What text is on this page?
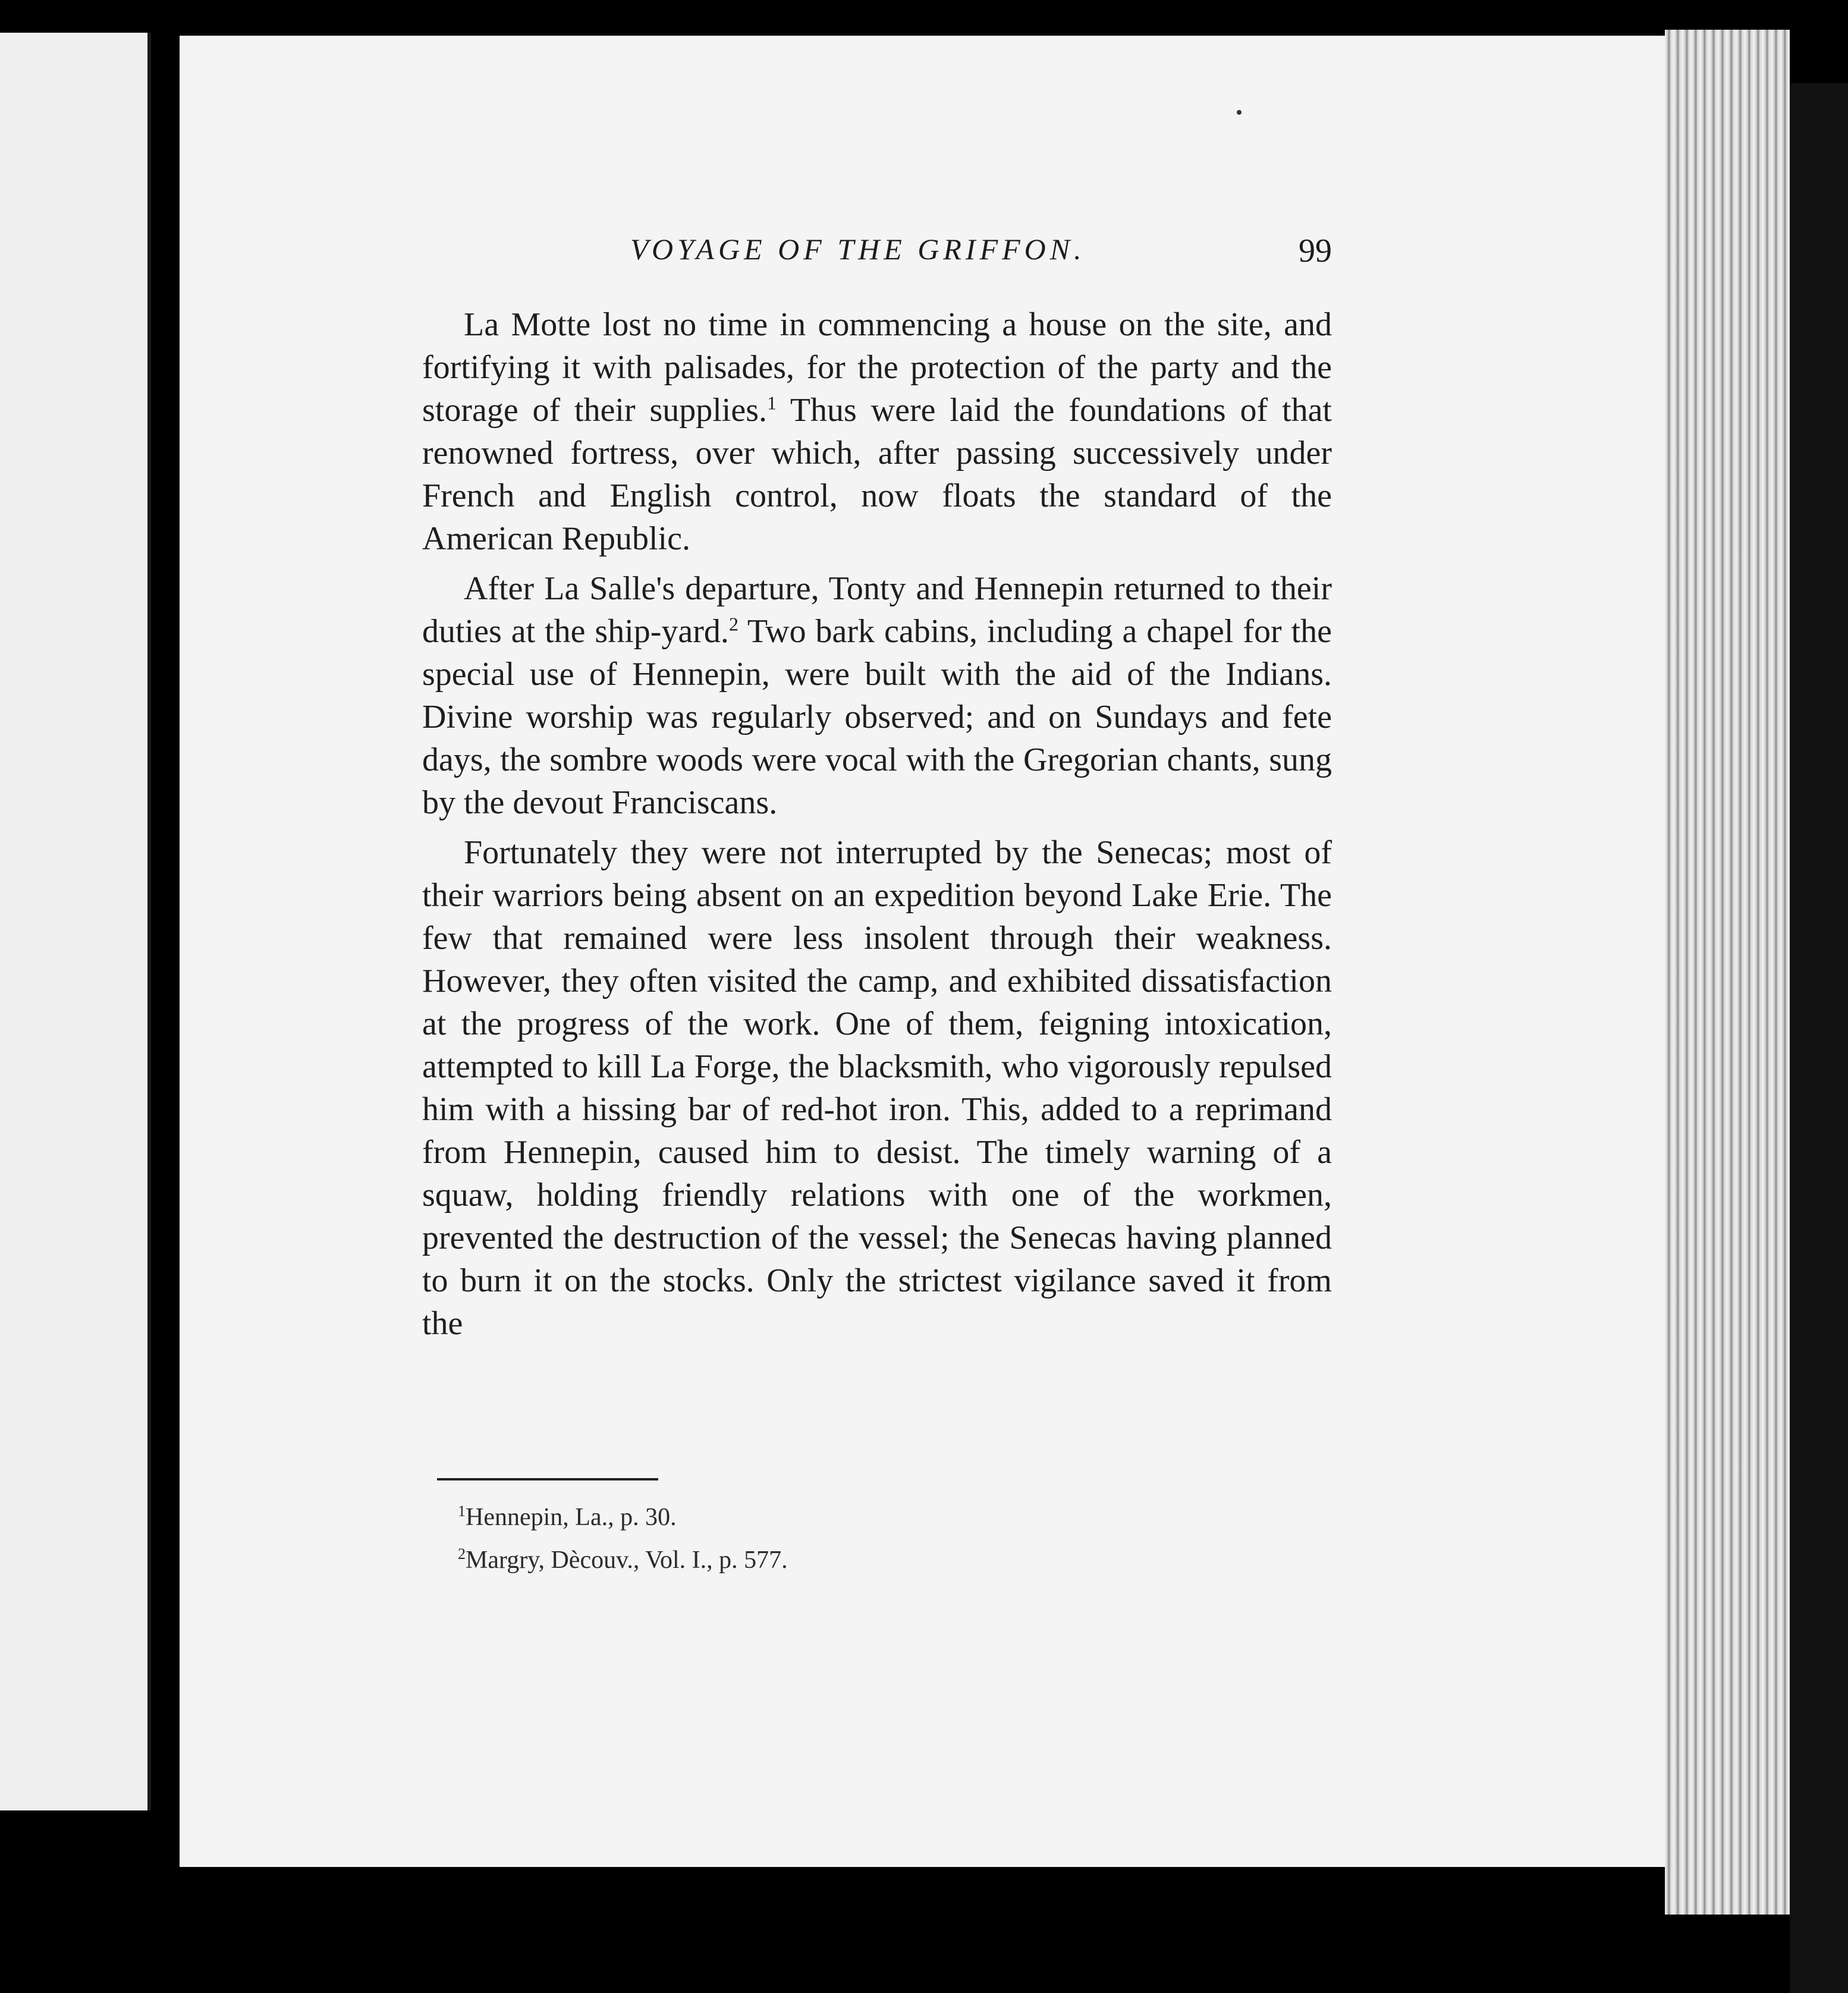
VOYAGE OF THE GRIFFON.	99

La Motte lost no time in commencing a house on the site, and fortifying it with palisades, for the protection of the party and the storage of their supplies.$^1$ Thus were laid the foundations of that renowned fortress, over which, after passing successively under French and English control, now floats the standard of the American Republic.

After La Salle's departure, Tonty and Hennepin returned to their duties at the ship-yard.$^2$ Two bark cabins, including a chapel for the special use of Hennepin, were built with the aid of the Indians. Divine worship was regularly observed; and on Sundays and fete days, the sombre woods were vocal with the Gregorian chants, sung by the devout Franciscans.

Fortunately they were not interrupted by the Senecas; most of their warriors being absent on an expedition beyond Lake Erie. The few that remained were less insolent through their weakness. However, they often visited the camp, and exhibited dissatisfaction at the progress of the work. One of them, feigning intoxication, attempted to kill La Forge, the blacksmith, who vigorously repulsed him with a hissing bar of red-hot iron. This, added to a reprimand from Hennepin, caused him to desist. The timely warning of a squaw, holding friendly relations with one of the workmen, prevented the destruction of the vessel; the Senecas having planned to burn it on the stocks. Only the strictest vigilance saved it from the

$^1$Hennepin, La., p. 30.
$^2$Margry, Dècouv., Vol. I., p. 577.
